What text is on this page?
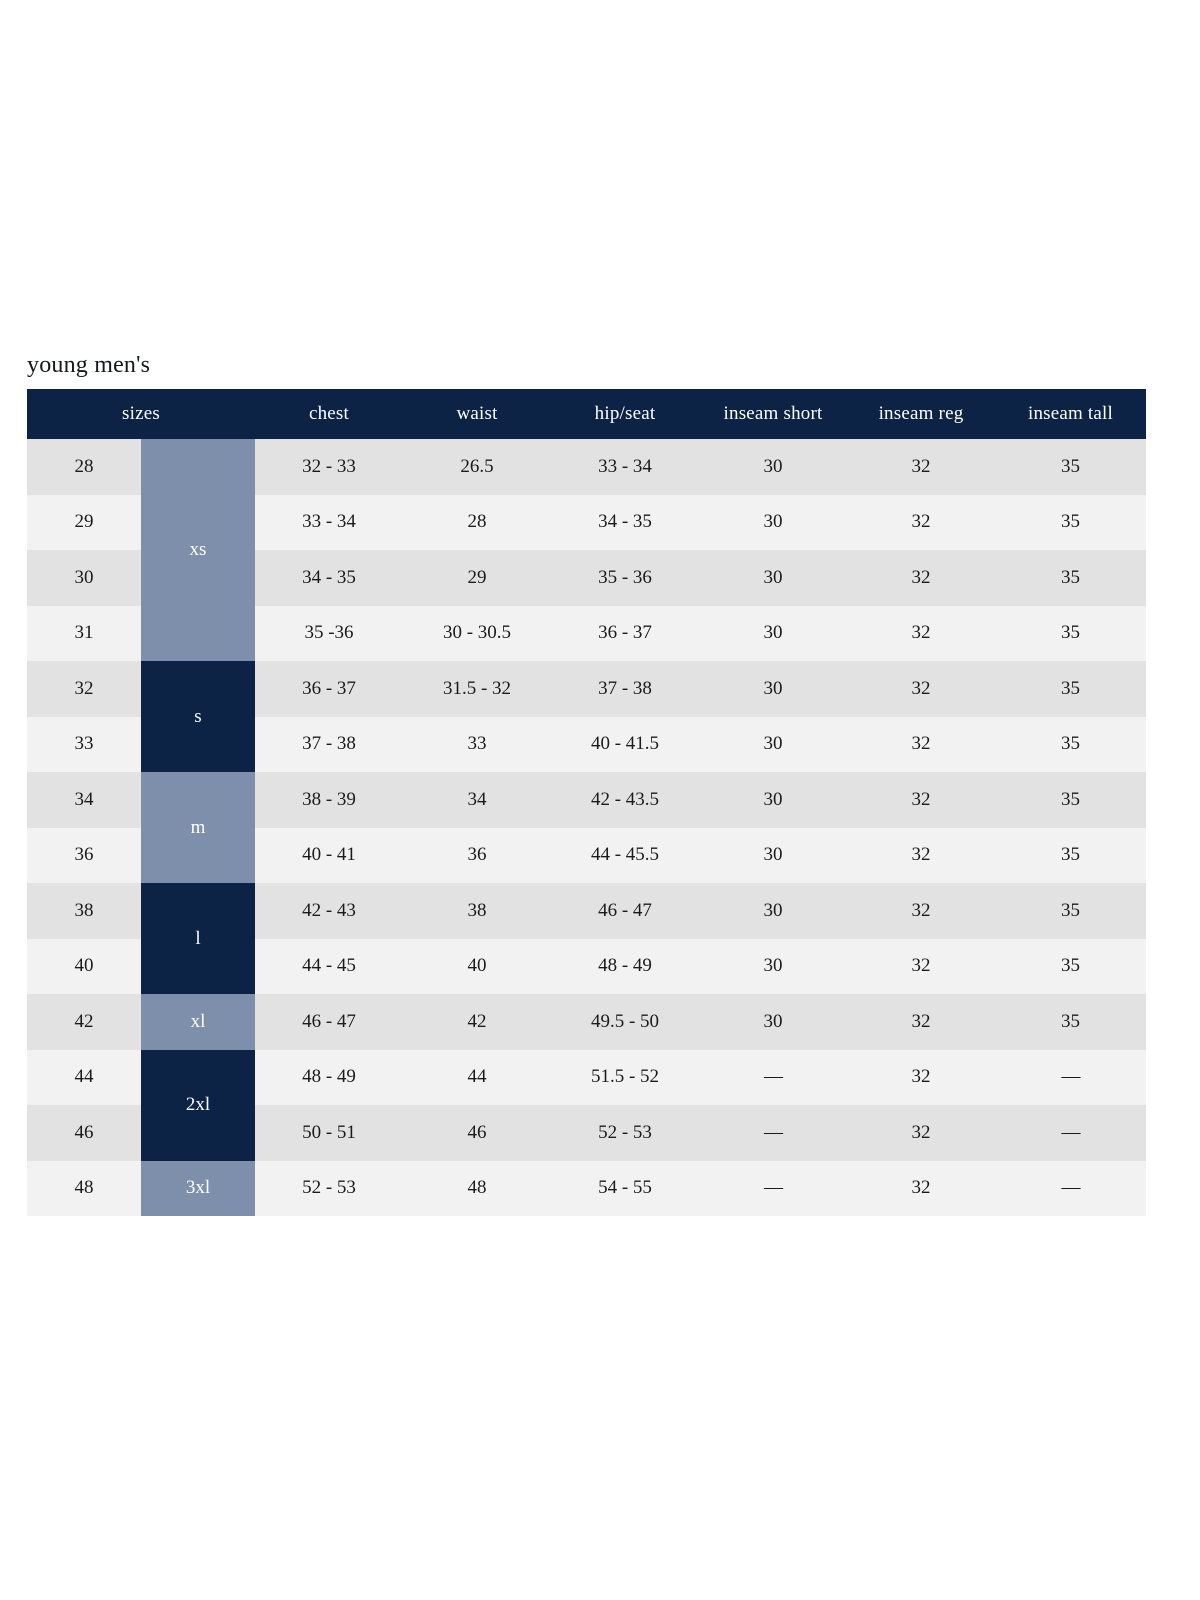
young men's
sizes		chest	waist	hip/seat	inseam short	inseam reg	inseam tall
28	xs	32 - 33	26.5	33 - 34	30	32	35
29		33 - 34	28	34 - 35	30	32	35
30		34 - 35	29	35 - 36	30	32	35
31		35 -36	30 - 30.5	36 - 37	30	32	35
32	s	36 - 37	31.5 - 32	37 - 38	30	32	35
33		37 - 38	33	40 - 41.5	30	32	35
34	m	38 - 39	34	42 - 43.5	30	32	35
36		40 - 41	36	44 - 45.5	30	32	35
38	l	42 - 43	38	46 - 47	30	32	35
40		44 - 45	40	48 - 49	30	32	35
42	xl	46 - 47	42	49.5 - 50	30	32	35
44	2xl	48 - 49	44	51.5 - 52	—	32	—
46		50 - 51	46	52 - 53	—	32	—
48	3xl	52 - 53	48	54 - 55	—	32	—
